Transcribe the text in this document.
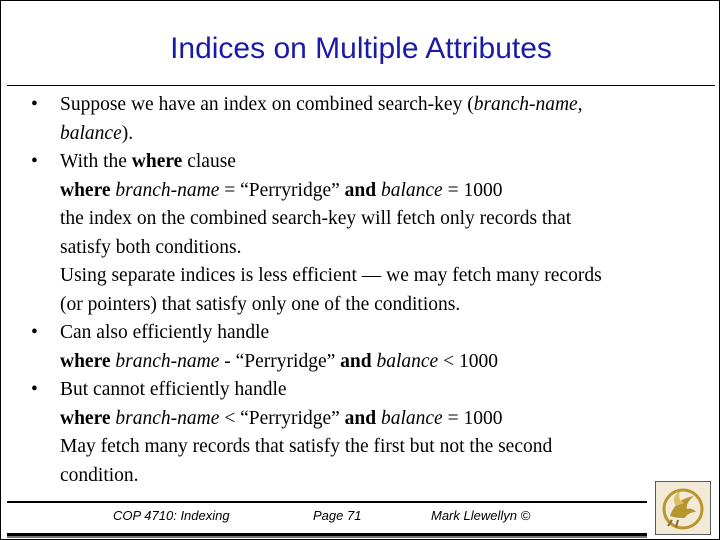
Indices on Multiple Attributes
• Suppose we have an index on combined search-key (branch-name,
balance).
• With the where clause
where branch-name = “Perryridge” and balance = 1000
the index on the combined search-key will fetch only records that
satisfy both conditions.
Using separate indices is less efficient — we may fetch many records
(or pointers) that satisfy only one of the conditions.
• Can also efficiently handle
where branch-name - “Perryridge” and balance < 1000
• But cannot efficiently handle
where branch-name < “Perryridge” and balance = 1000
May fetch many records that satisfy the first but not the second
condition.
COP 4710: Indexing	Page 71	Mark Llewellyn ©
